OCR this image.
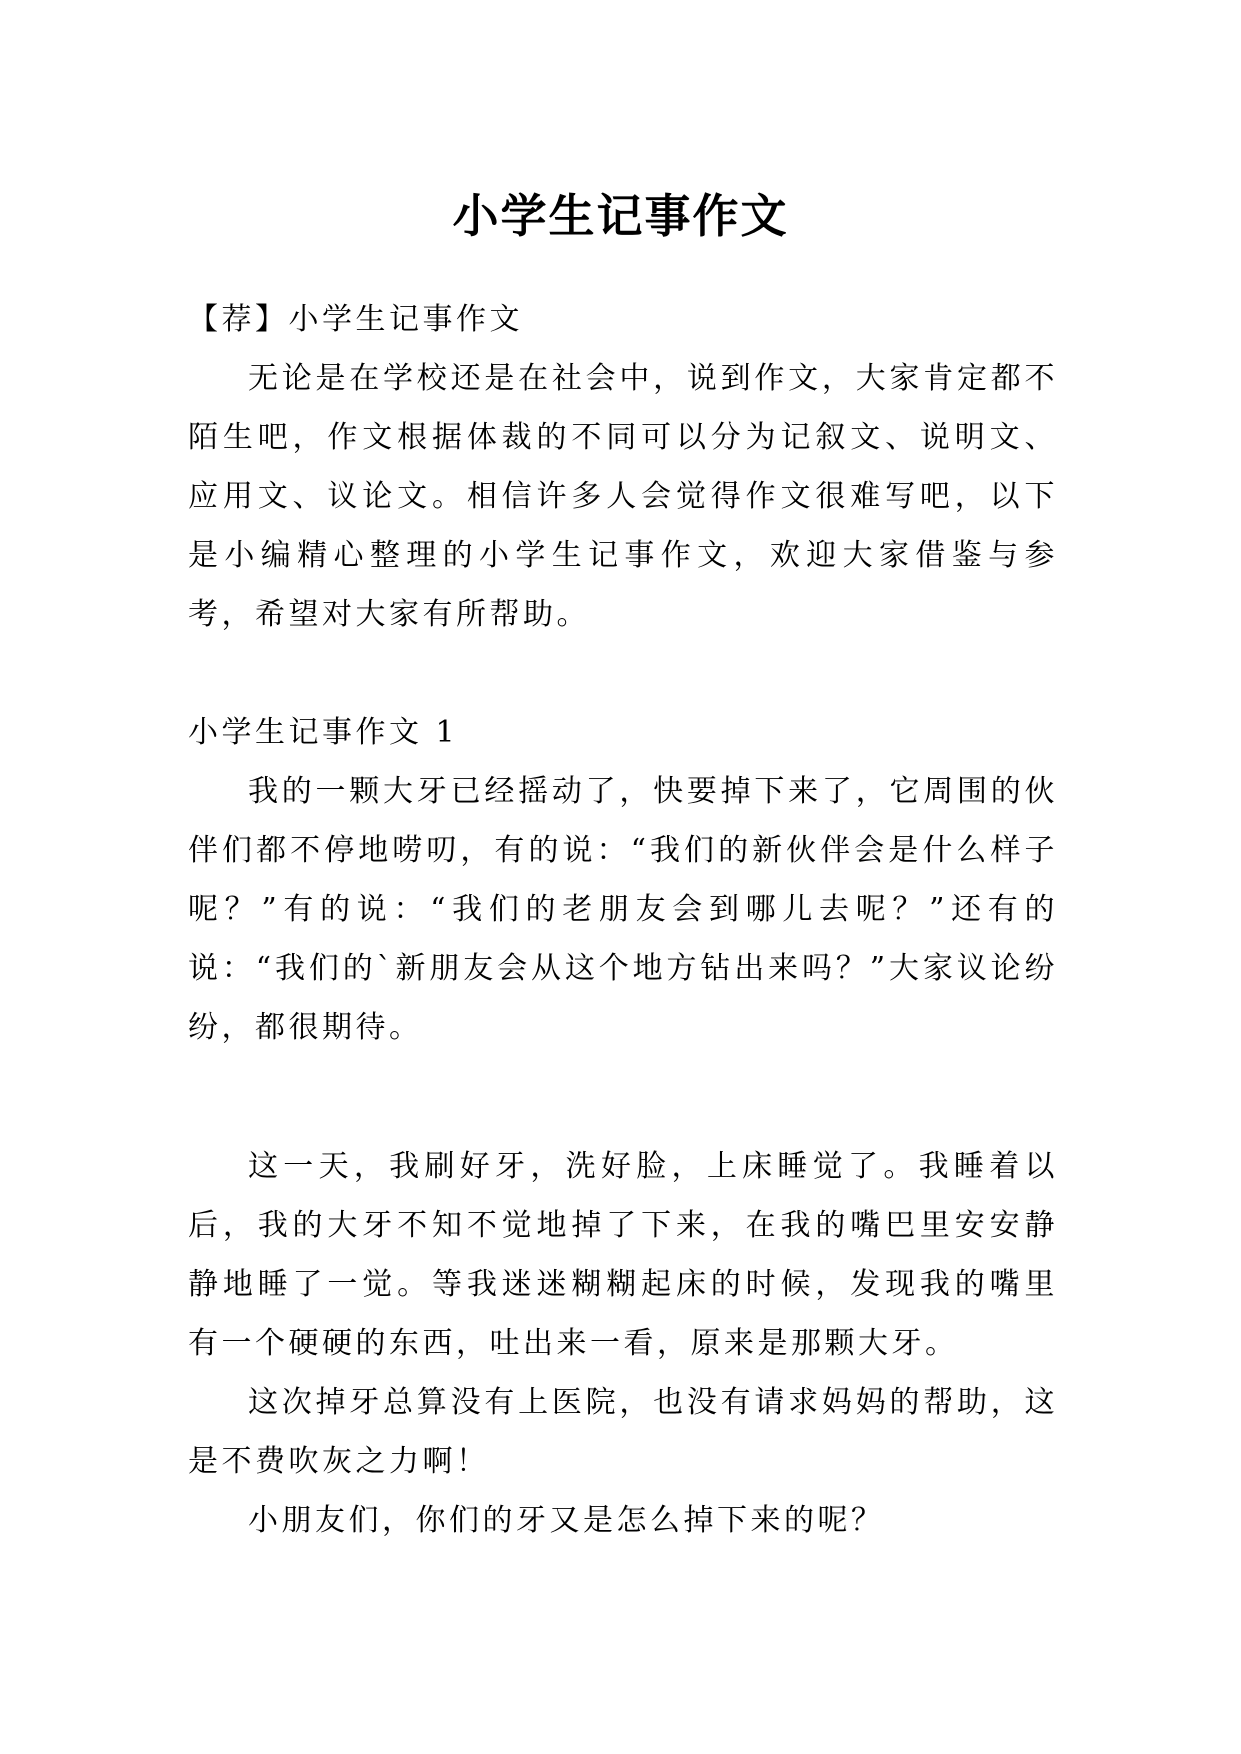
小学生记事作文

【荐】小学生记事作文

无论是在学校还是在社会中，说到作文，大家肯定都不陌生吧，作文根据体裁的不同可以分为记叙文、说明文、应用文、议论文。相信许多人会觉得作文很难写吧，以下是小编精心整理的小学生记事作文，欢迎大家借鉴与参考，希望对大家有所帮助。

小学生记事作文 1

我的一颗大牙已经摇动了，快要掉下来了，它周围的伙伴们都不停地唠叨，有的说：“我们的新伙伴会是什么样子呢？”有的说：“我们的老朋友会到哪儿去呢？”还有的说：“我们的`新朋友会从这个地方钻出来吗？”大家议论纷纷，都很期待。

这一天，我刷好牙，洗好脸，上床睡觉了。我睡着以后，我的大牙不知不觉地掉了下来，在我的嘴巴里安安静静地睡了一觉。等我迷迷糊糊起床的时候，发现我的嘴里有一个硬硬的东西，吐出来一看，原来是那颗大牙。

这次掉牙总算没有上医院，也没有请求妈妈的帮助，这是不费吹灰之力啊！

小朋友们，你们的牙又是怎么掉下来的呢？
